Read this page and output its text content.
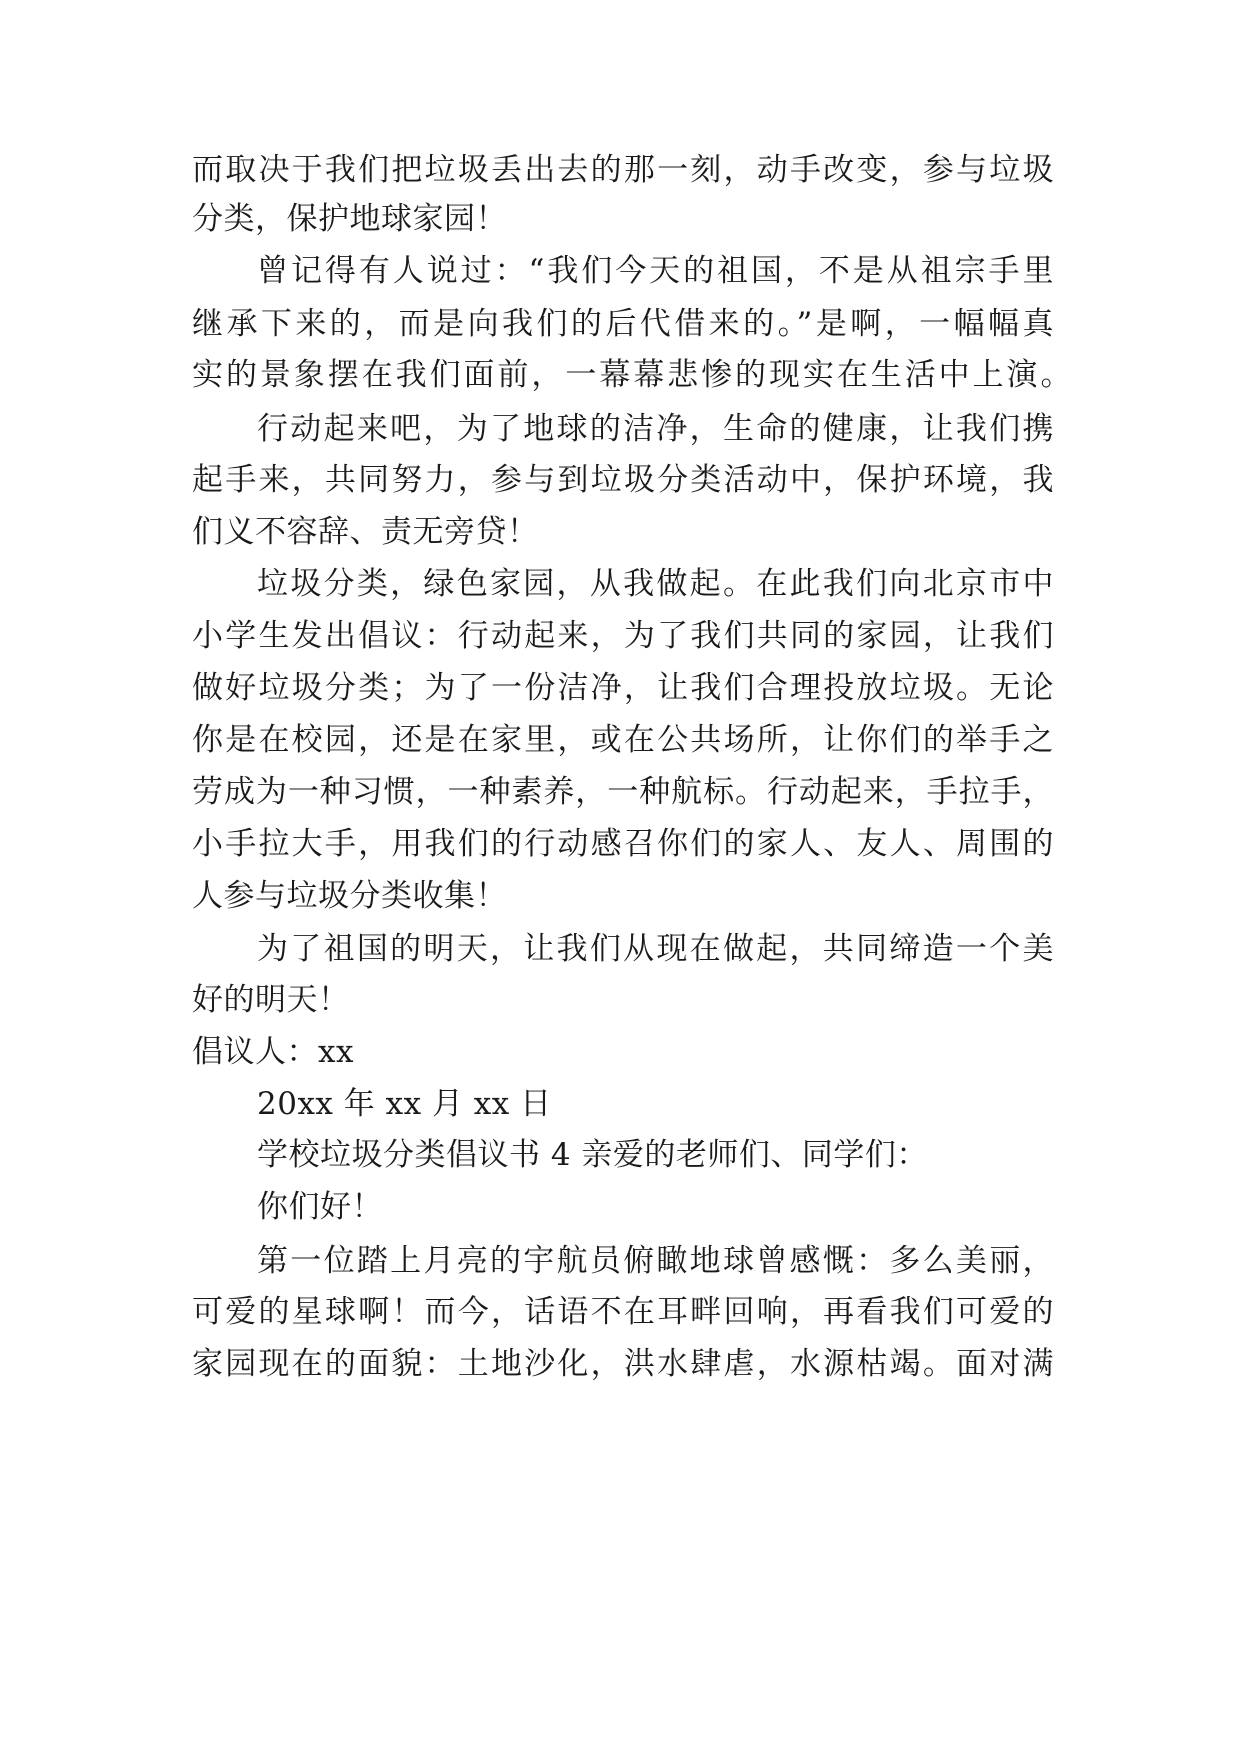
而取决于我们把垃圾丢出去的那一刻，动手改变，参与垃圾
分类，保护地球家园！
曾记得有人说过：“我们今天的祖国，不是从祖宗手里
继承下来的，而是向我们的后代借来的。”是啊，一幅幅真
实的景象摆在我们面前，一幕幕悲惨的现实在生活中上演。
行动起来吧，为了地球的洁净，生命的健康，让我们携
起手来，共同努力，参与到垃圾分类活动中，保护环境，我
们义不容辞、责无旁贷！
垃圾分类，绿色家园，从我做起。在此我们向北京市中
小学生发出倡议：行动起来，为了我们共同的家园，让我们
做好垃圾分类；为了一份洁净，让我们合理投放垃圾。无论
你是在校园，还是在家里，或在公共场所，让你们的举手之
劳成为一种习惯，一种素养，一种航标。行动起来，手拉手，
小手拉大手，用我们的行动感召你们的家人、友人、周围的
人参与垃圾分类收集！
为了祖国的明天，让我们从现在做起，共同缔造一个美
好的明天！
倡议人：xx
20xx 年 xx 月 xx 日
学校垃圾分类倡议书 4 亲爱的老师们、同学们：
你们好！
第一位踏上月亮的宇航员俯瞰地球曾感慨：多么美丽，
可爱的星球啊！而今，话语不在耳畔回响，再看我们可爱的
家园现在的面貌：土地沙化，洪水肆虐，水源枯竭。面对满
